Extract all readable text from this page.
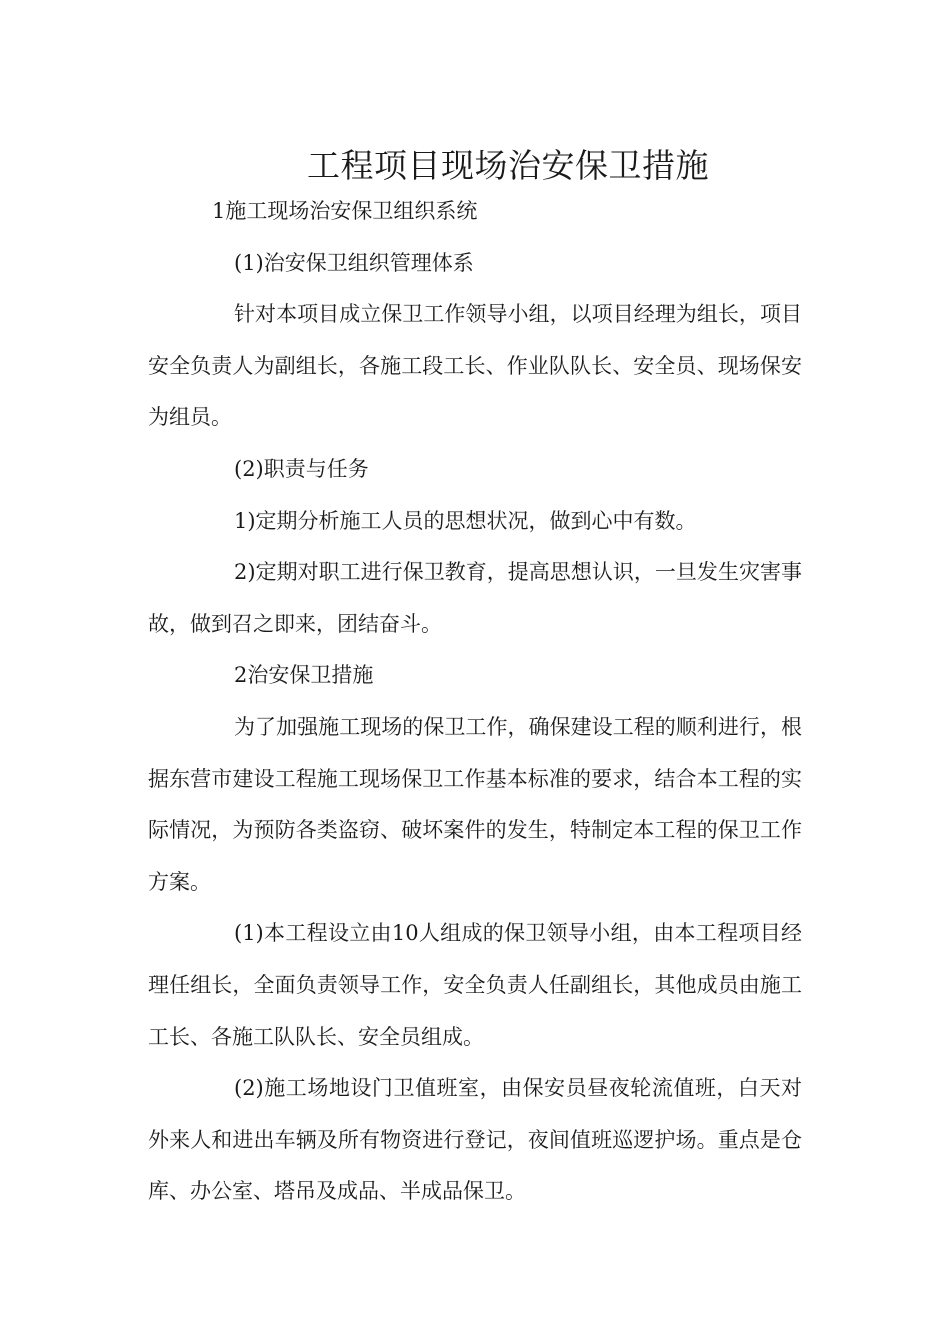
工程项目现场治安保卫措施

1施工现场治安保卫组织系统

(1)治安保卫组织管理体系

针对本项目成立保卫工作领导小组，以项目经理为组长，项目安全负责人为副组长，各施工段工长、作业队队长、安全员、现场保安为组员。

(2)职责与任务

1)定期分析施工人员的思想状况，做到心中有数。

2)定期对职工进行保卫教育，提高思想认识，一旦发生灾害事故，做到召之即来，团结奋斗。

2治安保卫措施

为了加强施工现场的保卫工作，确保建设工程的顺利进行，根据东营市建设工程施工现场保卫工作基本标准的要求，结合本工程的实际情况，为预防各类盗窃、破坏案件的发生，特制定本工程的保卫工作方案。

(1)本工程设立由10人组成的保卫领导小组，由本工程项目经理任组长，全面负责领导工作，安全负责人任副组长，其他成员由施工工长、各施工队队长、安全员组成。

(2)施工场地设门卫值班室，由保安员昼夜轮流值班，白天对外来人和进出车辆及所有物资进行登记，夜间值班巡逻护场。重点是仓库、办公室、塔吊及成品、半成品保卫。
